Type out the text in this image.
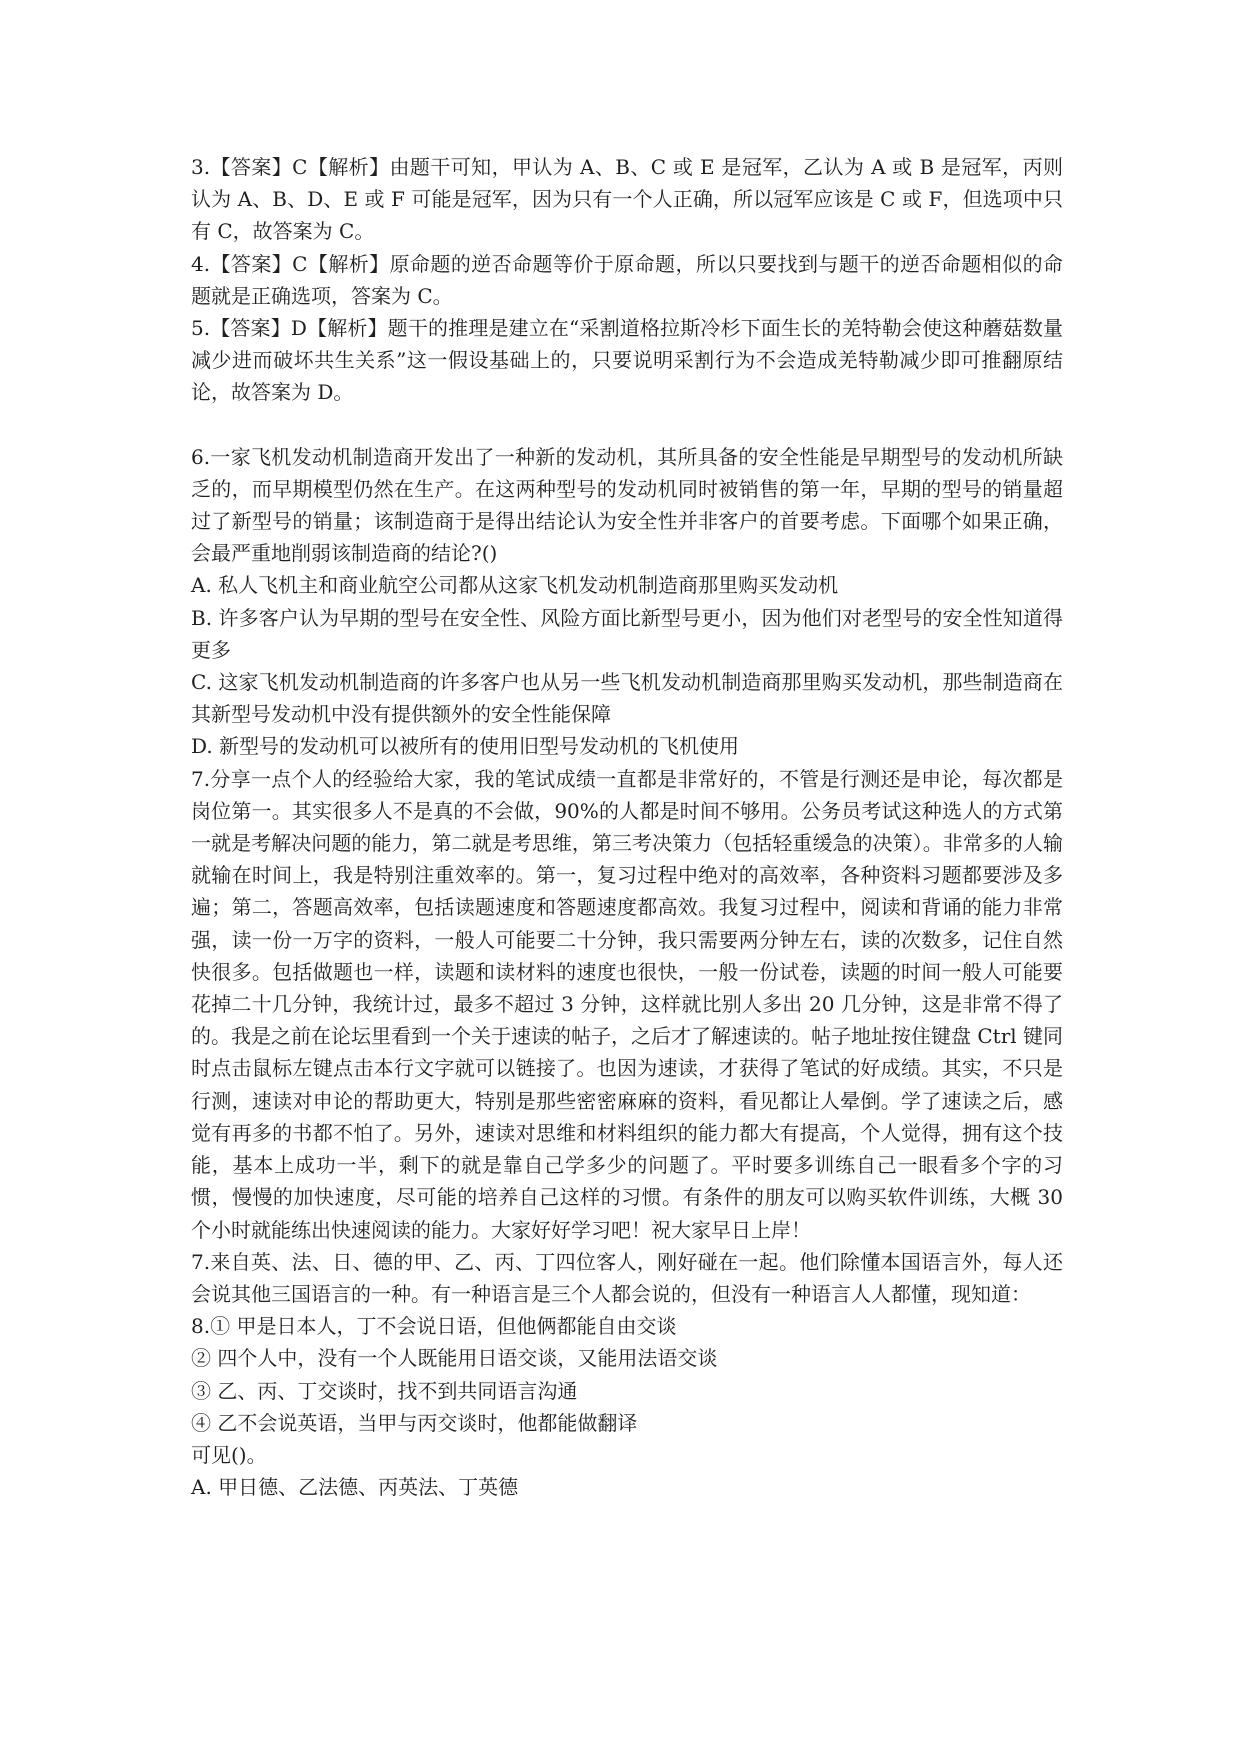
3.【答案】C【解析】由题干可知，甲认为 A、B、C 或 E 是冠军，乙认为 A 或 B 是冠军，丙则认为 A、B、D、E 或 F 可能是冠军，因为只有一个人正确，所以冠军应该是 C 或 F，但选项中只有 C，故答案为 C。

4.【答案】C【解析】原命题的逆否命题等价于原命题，所以只要找到与题干的逆否命题相似的命题就是正确选项，答案为 C。

5.【答案】D【解析】题干的推理是建立在“采割道格拉斯冷杉下面生长的羌特勒会使这种蘑菇数量减少进而破坏共生关系”这一假设基础上的，只要说明采割行为不会造成羌特勒减少即可推翻原结论，故答案为 D。

6.一家飞机发动机制造商开发出了一种新的发动机，其所具备的安全性能是早期型号的发动机所缺乏的，而早期模型仍然在生产。在这两种型号的发动机同时被销售的第一年，早期的型号的销量超过了新型号的销量；该制造商于是得出结论认为安全性并非客户的首要考虑。下面哪个如果正确，会最严重地削弱该制造商的结论?()

A. 私人飞机主和商业航空公司都从这家飞机发动机制造商那里购买发动机

B. 许多客户认为早期的型号在安全性、风险方面比新型号更小，因为他们对老型号的安全性知道得更多

C. 这家飞机发动机制造商的许多客户也从另一些飞机发动机制造商那里购买发动机，那些制造商在其新型号发动机中没有提供额外的安全性能保障

D. 新型号的发动机可以被所有的使用旧型号发动机的飞机使用

7.分享一点个人的经验给大家，我的笔试成绩一直都是非常好的，不管是行测还是申论，每次都是岗位第一。其实很多人不是真的不会做，90%的人都是时间不够用。公务员考试这种选人的方式第一就是考解决问题的能力，第二就是考思维，第三考决策力（包括轻重缓急的决策）。非常多的人输就输在时间上，我是特别注重效率的。第一，复习过程中绝对的高效率，各种资料习题都要涉及多遍；第二，答题高效率，包括读题速度和答题速度都高效。我复习过程中，阅读和背诵的能力非常强，读一份一万字的资料，一般人可能要二十分钟，我只需要两分钟左右，读的次数多，记住自然快很多。包括做题也一样，读题和读材料的速度也很快，一般一份试卷，读题的时间一般人可能要花掉二十几分钟，我统计过，最多不超过 3 分钟，这样就比别人多出 20 几分钟，这是非常不得了的。我是之前在论坛里看到一个关于速读的帖子，之后才了解速读的。帖子地址按住键盘 Ctrl 键同时点击鼠标左键点击本行文字就可以链接了。也因为速读，才获得了笔试的好成绩。其实，不只是行测，速读对申论的帮助更大，特别是那些密密麻麻的资料，看见都让人晕倒。学了速读之后，感觉有再多的书都不怕了。另外，速读对思维和材料组织的能力都大有提高，个人觉得，拥有这个技能，基本上成功一半，剩下的就是靠自己学多少的问题了。平时要多训练自己一眼看多个字的习惯，慢慢的加快速度，尽可能的培养自己这样的习惯。有条件的朋友可以购买软件训练，大概 30 个小时就能练出快速阅读的能力。大家好好学习吧！祝大家早日上岸！

7.来自英、法、日、德的甲、乙、丙、丁四位客人，刚好碰在一起。他们除懂本国语言外，每人还会说其他三国语言的一种。有一种语言是三个人都会说的，但没有一种语言人人都懂，现知道：

8.① 甲是日本人，丁不会说日语，但他俩都能自由交谈

② 四个人中，没有一个人既能用日语交谈，又能用法语交谈

③ 乙、丙、丁交谈时，找不到共同语言沟通

④ 乙不会说英语，当甲与丙交谈时，他都能做翻译

可见()。

A. 甲日德、乙法德、丙英法、丁英德
